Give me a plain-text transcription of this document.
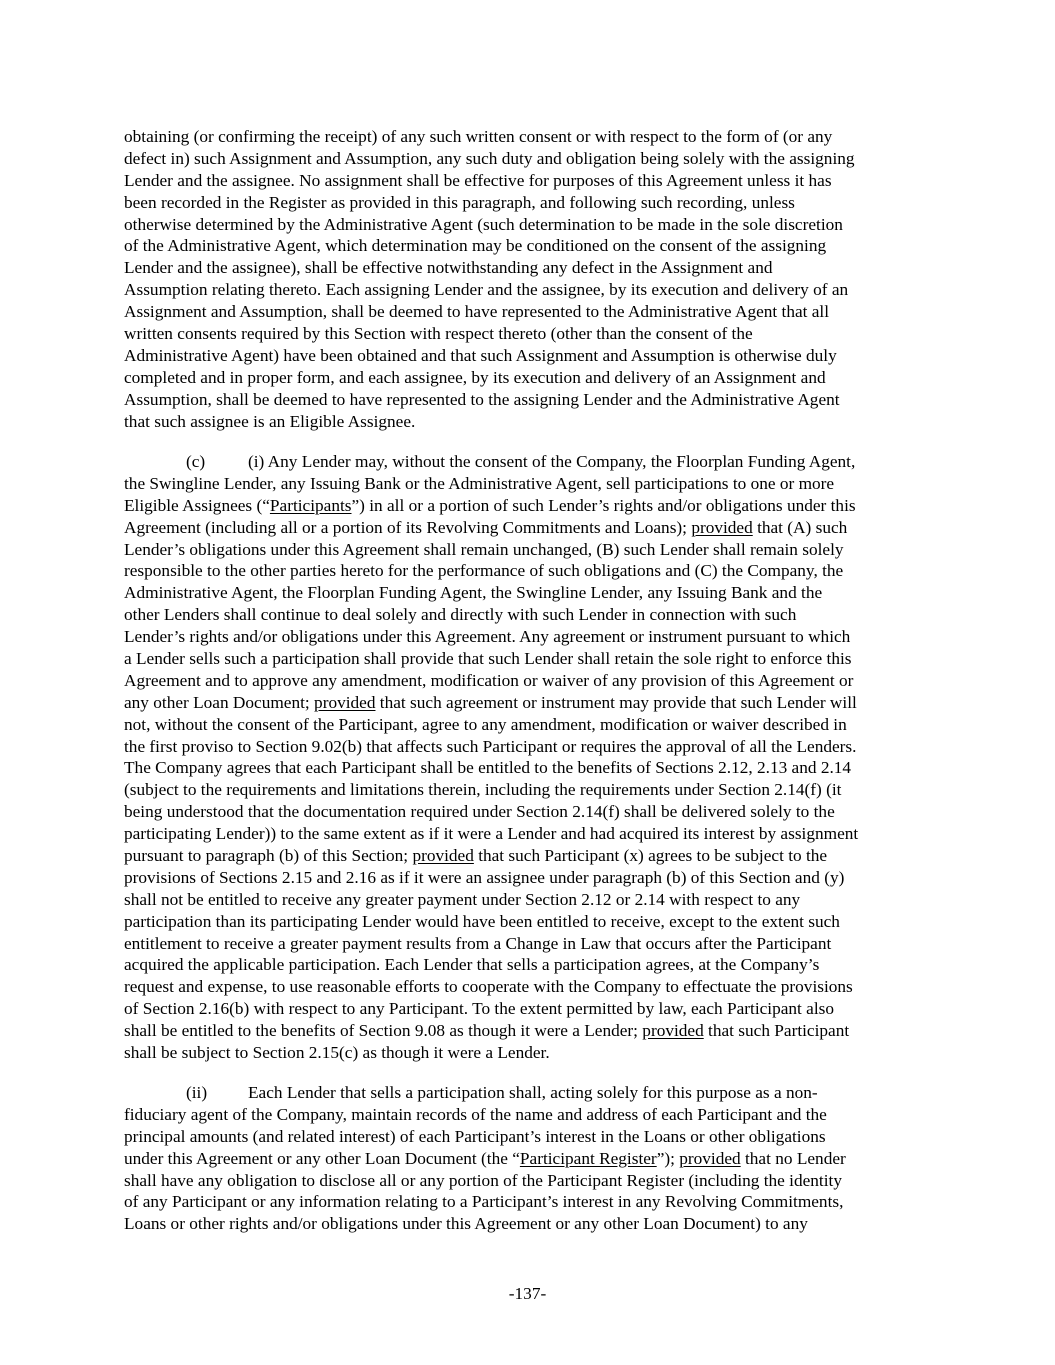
obtaining (or confirming the receipt) of any such written consent or with respect to the form of (or any
defect in) such Assignment and Assumption, any such duty and obligation being solely with the assigning
Lender and the assignee. No assignment shall be effective for purposes of this Agreement unless it has
been recorded in the Register as provided in this paragraph, and following such recording, unless
otherwise determined by the Administrative Agent (such determination to be made in the sole discretion
of the Administrative Agent, which determination may be conditioned on the consent of the assigning
Lender and the assignee), shall be effective notwithstanding any defect in the Assignment and
Assumption relating thereto. Each assigning Lender and the assignee, by its execution and delivery of an
Assignment and Assumption, shall be deemed to have represented to the Administrative Agent that all
written consents required by this Section with respect thereto (other than the consent of the
Administrative Agent) have been obtained and that such Assignment and Assumption is otherwise duly
completed and in proper form, and each assignee, by its execution and delivery of an Assignment and
Assumption, shall be deemed to have represented to the assigning Lender and the Administrative Agent
that such assignee is an Eligible Assignee.
(c) (i) Any Lender may, without the consent of the Company, the Floorplan Funding Agent,
the Swingline Lender, any Issuing Bank or the Administrative Agent, sell participations to one or more
Eligible Assignees (“Participants”) in all or a portion of such Lender’s rights and/or obligations under this
Agreement (including all or a portion of its Revolving Commitments and Loans); provided that (A) such
Lender’s obligations under this Agreement shall remain unchanged, (B) such Lender shall remain solely
responsible to the other parties hereto for the performance of such obligations and (C) the Company, the
Administrative Agent, the Floorplan Funding Agent, the Swingline Lender, any Issuing Bank and the
other Lenders shall continue to deal solely and directly with such Lender in connection with such
Lender’s rights and/or obligations under this Agreement. Any agreement or instrument pursuant to which
a Lender sells such a participation shall provide that such Lender shall retain the sole right to enforce this
Agreement and to approve any amendment, modification or waiver of any provision of this Agreement or
any other Loan Document; provided that such agreement or instrument may provide that such Lender will
not, without the consent of the Participant, agree to any amendment, modification or waiver described in
the first proviso to Section 9.02(b) that affects such Participant or requires the approval of all the Lenders.
The Company agrees that each Participant shall be entitled to the benefits of Sections 2.12, 2.13 and 2.14
(subject to the requirements and limitations therein, including the requirements under Section 2.14(f) (it
being understood that the documentation required under Section 2.14(f) shall be delivered solely to the
participating Lender)) to the same extent as if it were a Lender and had acquired its interest by assignment
pursuant to paragraph (b) of this Section; provided that such Participant (x) agrees to be subject to the
provisions of Sections 2.15 and 2.16 as if it were an assignee under paragraph (b) of this Section and (y)
shall not be entitled to receive any greater payment under Section 2.12 or 2.14 with respect to any
participation than its participating Lender would have been entitled to receive, except to the extent such
entitlement to receive a greater payment results from a Change in Law that occurs after the Participant
acquired the applicable participation. Each Lender that sells a participation agrees, at the Company’s
request and expense, to use reasonable efforts to cooperate with the Company to effectuate the provisions
of Section 2.16(b) with respect to any Participant. To the extent permitted by law, each Participant also
shall be entitled to the benefits of Section 9.08 as though it were a Lender; provided that such Participant
shall be subject to Section 2.15(c) as though it were a Lender.
(ii) Each Lender that sells a participation shall, acting solely for this purpose as a non-
fiduciary agent of the Company, maintain records of the name and address of each Participant and the
principal amounts (and related interest) of each Participant’s interest in the Loans or other obligations
under this Agreement or any other Loan Document (the “Participant Register”); provided that no Lender
shall have any obligation to disclose all or any portion of the Participant Register (including the identity
of any Participant or any information relating to a Participant’s interest in any Revolving Commitments,
Loans or other rights and/or obligations under this Agreement or any other Loan Document) to any
-137-
